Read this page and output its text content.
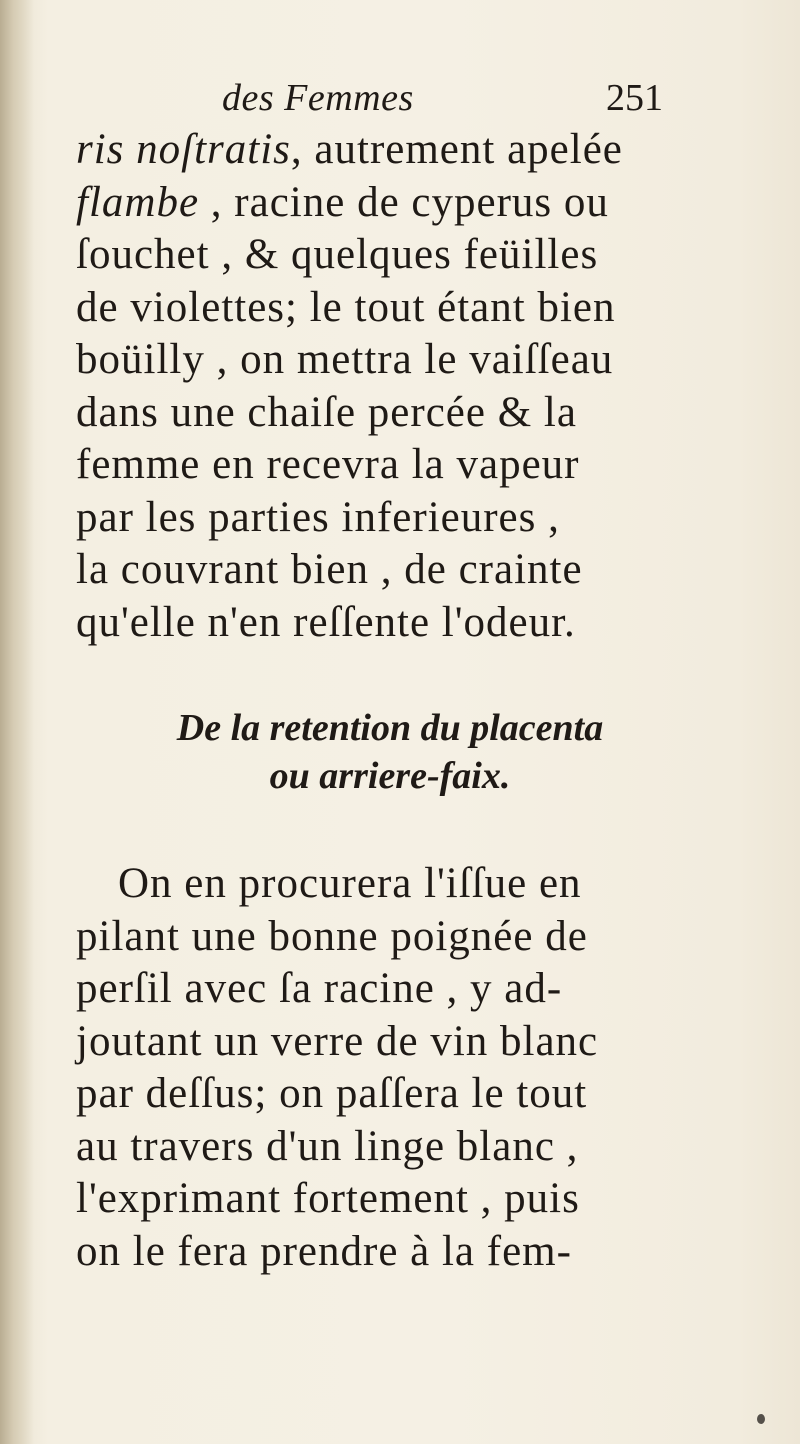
des Femmes	251
ris noſtratis, autrement apelée
flambe , racine de cyperus ou
ſouchet , & quelques feüilles
de violettes; le tout étant bien
boüilly , on mettra le vaiſſeau
dans une chaiſe percée & la
femme en recevra la vapeur
par les parties inferieures ,
la couvrant bien , de crainte
qu'elle n'en reſſente l'odeur.
De la retention du placenta
ou arriere-faix.
On en procurera l'iſſue en
pilant une bonne poignée de
perſil avec ſa racine , y ad-
joutant un verre de vin blanc
par deſſus; on paſſera le tout
au travers d'un linge blanc ,
l'exprimant fortement , puis
on le fera prendre à la fem-
